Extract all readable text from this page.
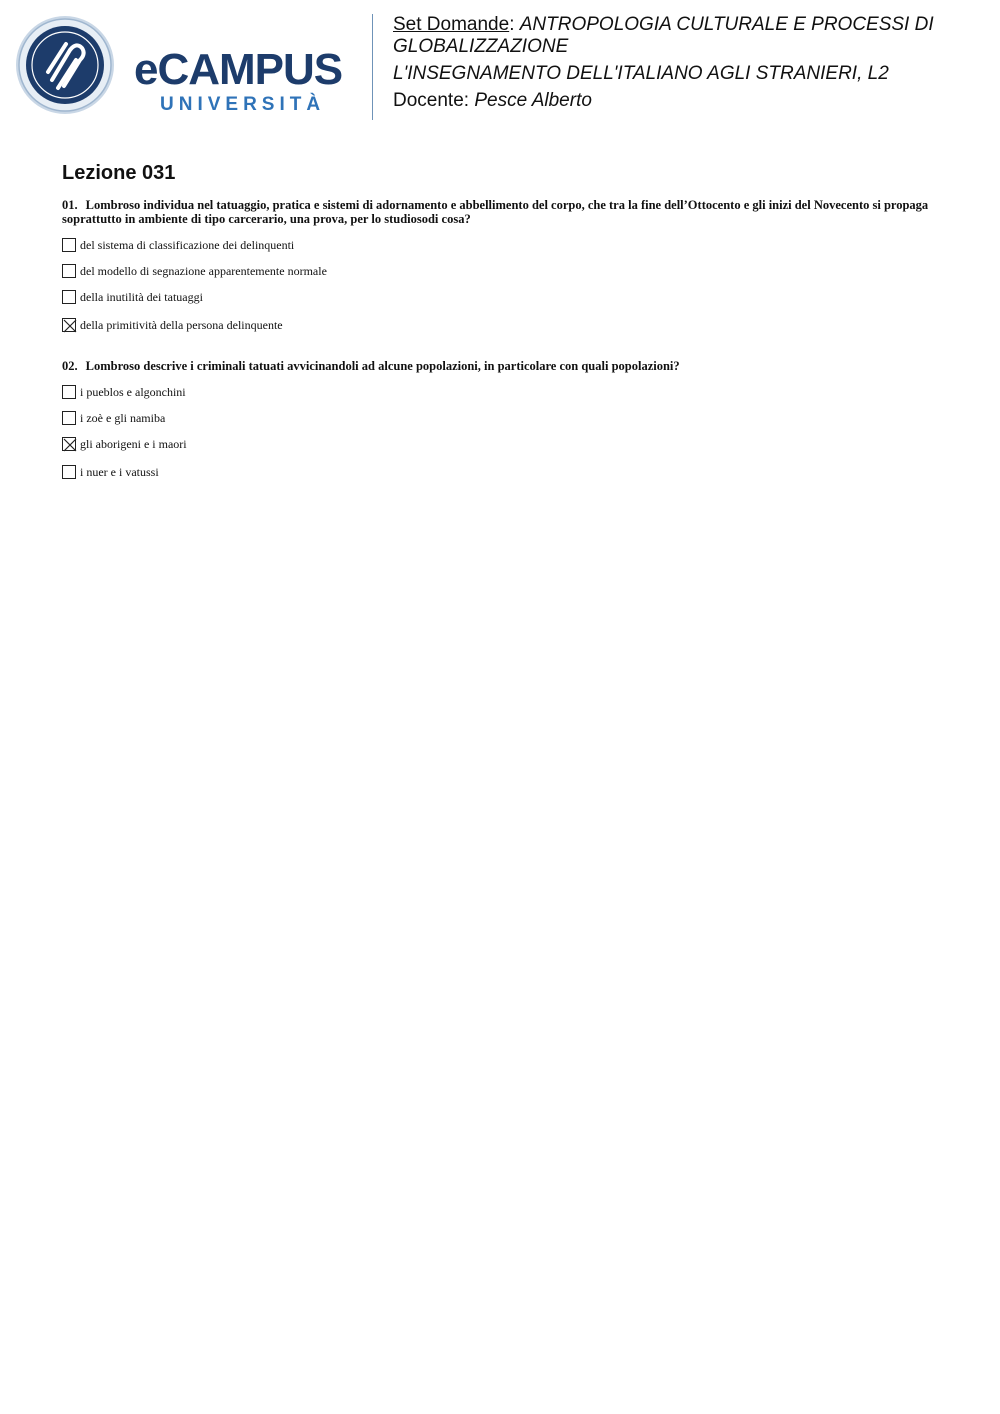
eCAMPUS
UNIVERSITÀ
Set Domande: ANTROPOLOGIA CULTURALE E PROCESSI DI
GLOBALIZZAZIONE
L'INSEGNAMENTO DELL'ITALIANO AGLI STRANIERI, L2
Docente: Pesce Alberto
Lezione 031
01. Lombroso individua nel tatuaggio, pratica e sistemi di adornamento e abbellimento del corpo, che tra la fine dell’Ottocento e gli inizi del Novecento si propaga soprattutto in ambiente di tipo carcerario, una prova, per lo studiosodi cosa?
del sistema di classificazione dei delinquenti
del modello di segnazione apparentemente normale
della inutilità dei tatuaggi
della primitività della persona delinquente
02. Lombroso descrive i criminali tatuati avvicinandoli ad alcune popolazioni, in particolare con quali popolazioni?
i pueblos e algonchini
i zoè e gli namiba
gli aborigeni e i maori
i nuer e i vatussi
